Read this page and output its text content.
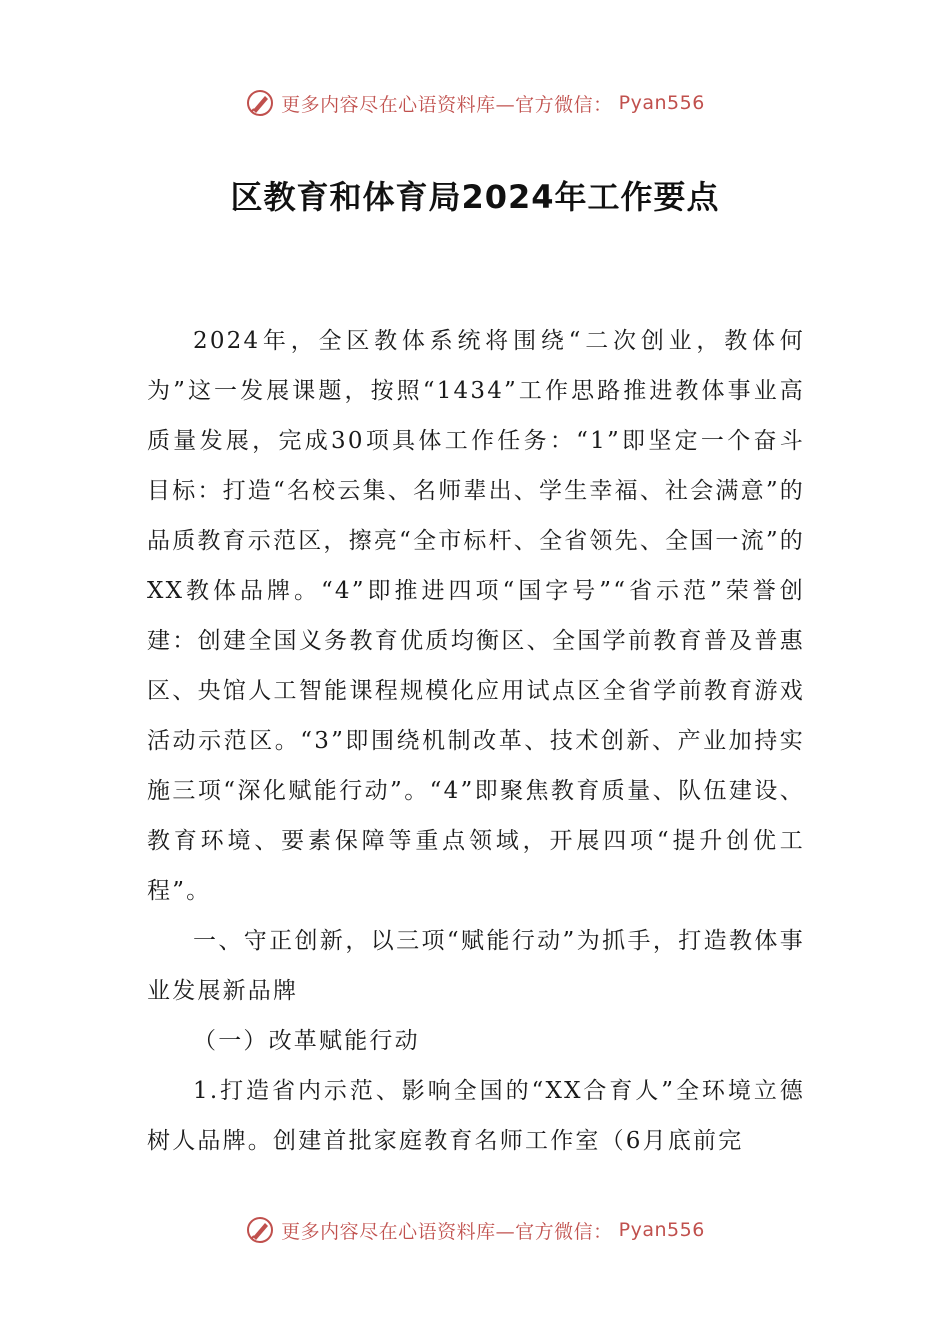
更多内容尽在心语资料库—官方微信： Pyan556
区教育和体育局2024年工作要点

2024年，全区教体系统将围绕“二次创业，教体何为”这一发展课题，按照“1434”工作思路推进教体事业高质量发展，完成30项具体工作任务：“1”即坚定一个奋斗目标：打造“名校云集、名师辈出、学生幸福、社会满意”的品质教育示范区，擦亮“全市标杆、全省领先、全国一流”的XX教体品牌。“4”即推进四项“国字号”“省示范”荣誉创建：创建全国义务教育优质均衡区、全国学前教育普及普惠区、央馆人工智能课程规模化应用试点区全省学前教育游戏活动示范区。“3”即围绕机制改革、技术创新、产业加持实施三项“深化赋能行动”。“4”即聚焦教育质量、队伍建设、教育环境、要素保障等重点领域，开展四项“提升创优工程”。

一、守正创新，以三项“赋能行动”为抓手，打造教体事业发展新品牌

（一）改革赋能行动

1.打造省内示范、影响全国的“XX合育人”全环境立德树人品牌。创建首批家庭教育名师工作室（6月底前完

更多内容尽在心语资料库—官方微信： Pyan556
